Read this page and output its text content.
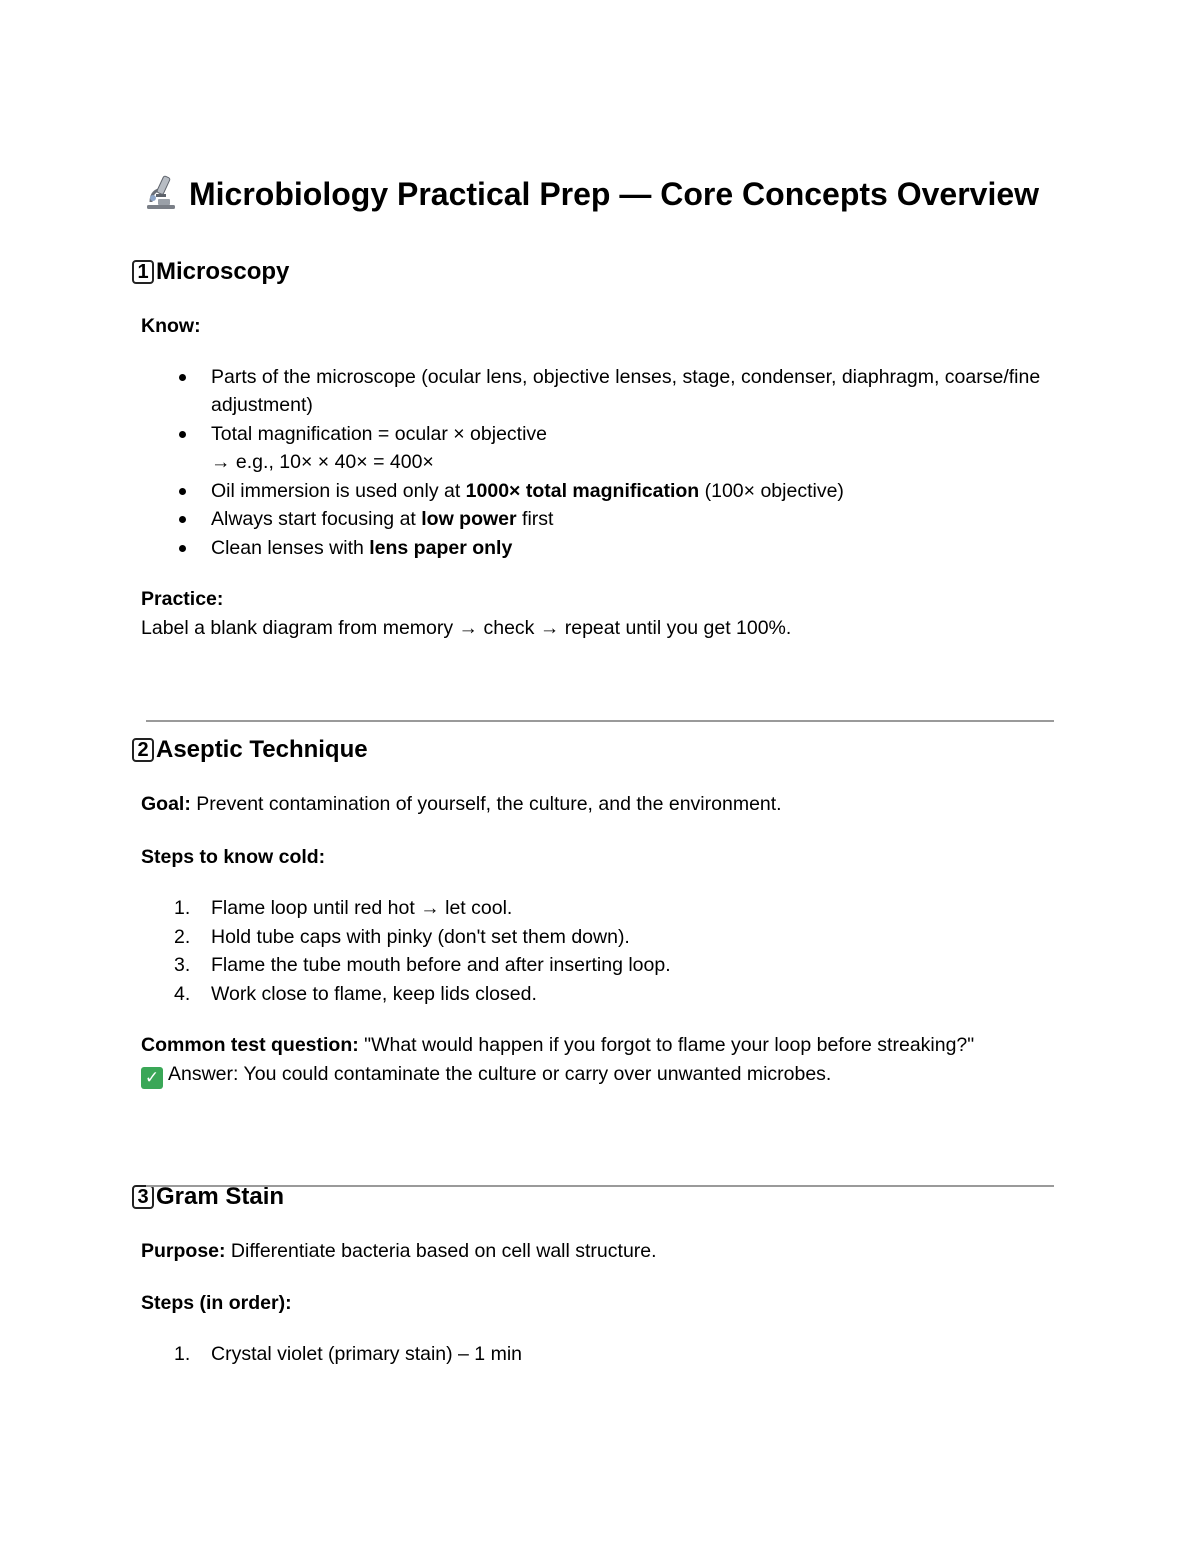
Microbiology Practical Prep — Core Concepts Overview
1 Microscopy

Know:

Parts of the microscope (ocular lens, objective lenses, stage, condenser, diaphragm, coarse/fine adjustment)
Total magnification = ocular × objective
→ e.g., 10× × 40× = 400×
Oil immersion is used only at 1000× total magnification (100× objective)
Always start focusing at low power first
Clean lenses with lens paper only

Practice:

Label a blank diagram from memory → check → repeat until you get 100%.

2 Aseptic Technique

Goal: Prevent contamination of yourself, the culture, and the environment.

Steps to know cold:

1. Flame loop until red hot → let cool.
2. Hold tube caps with pinky (don't set them down).
3. Flame the tube mouth before and after inserting loop.
4. Work close to flame, keep lids closed.

Common test question: "What would happen if you forgot to flame your loop before streaking?"

✓ Answer: You could contaminate the culture or carry over unwanted microbes.

3 Gram Stain

Purpose: Differentiate bacteria based on cell wall structure.

Steps (in order):

1. Crystal violet (primary stain) – 1 min
